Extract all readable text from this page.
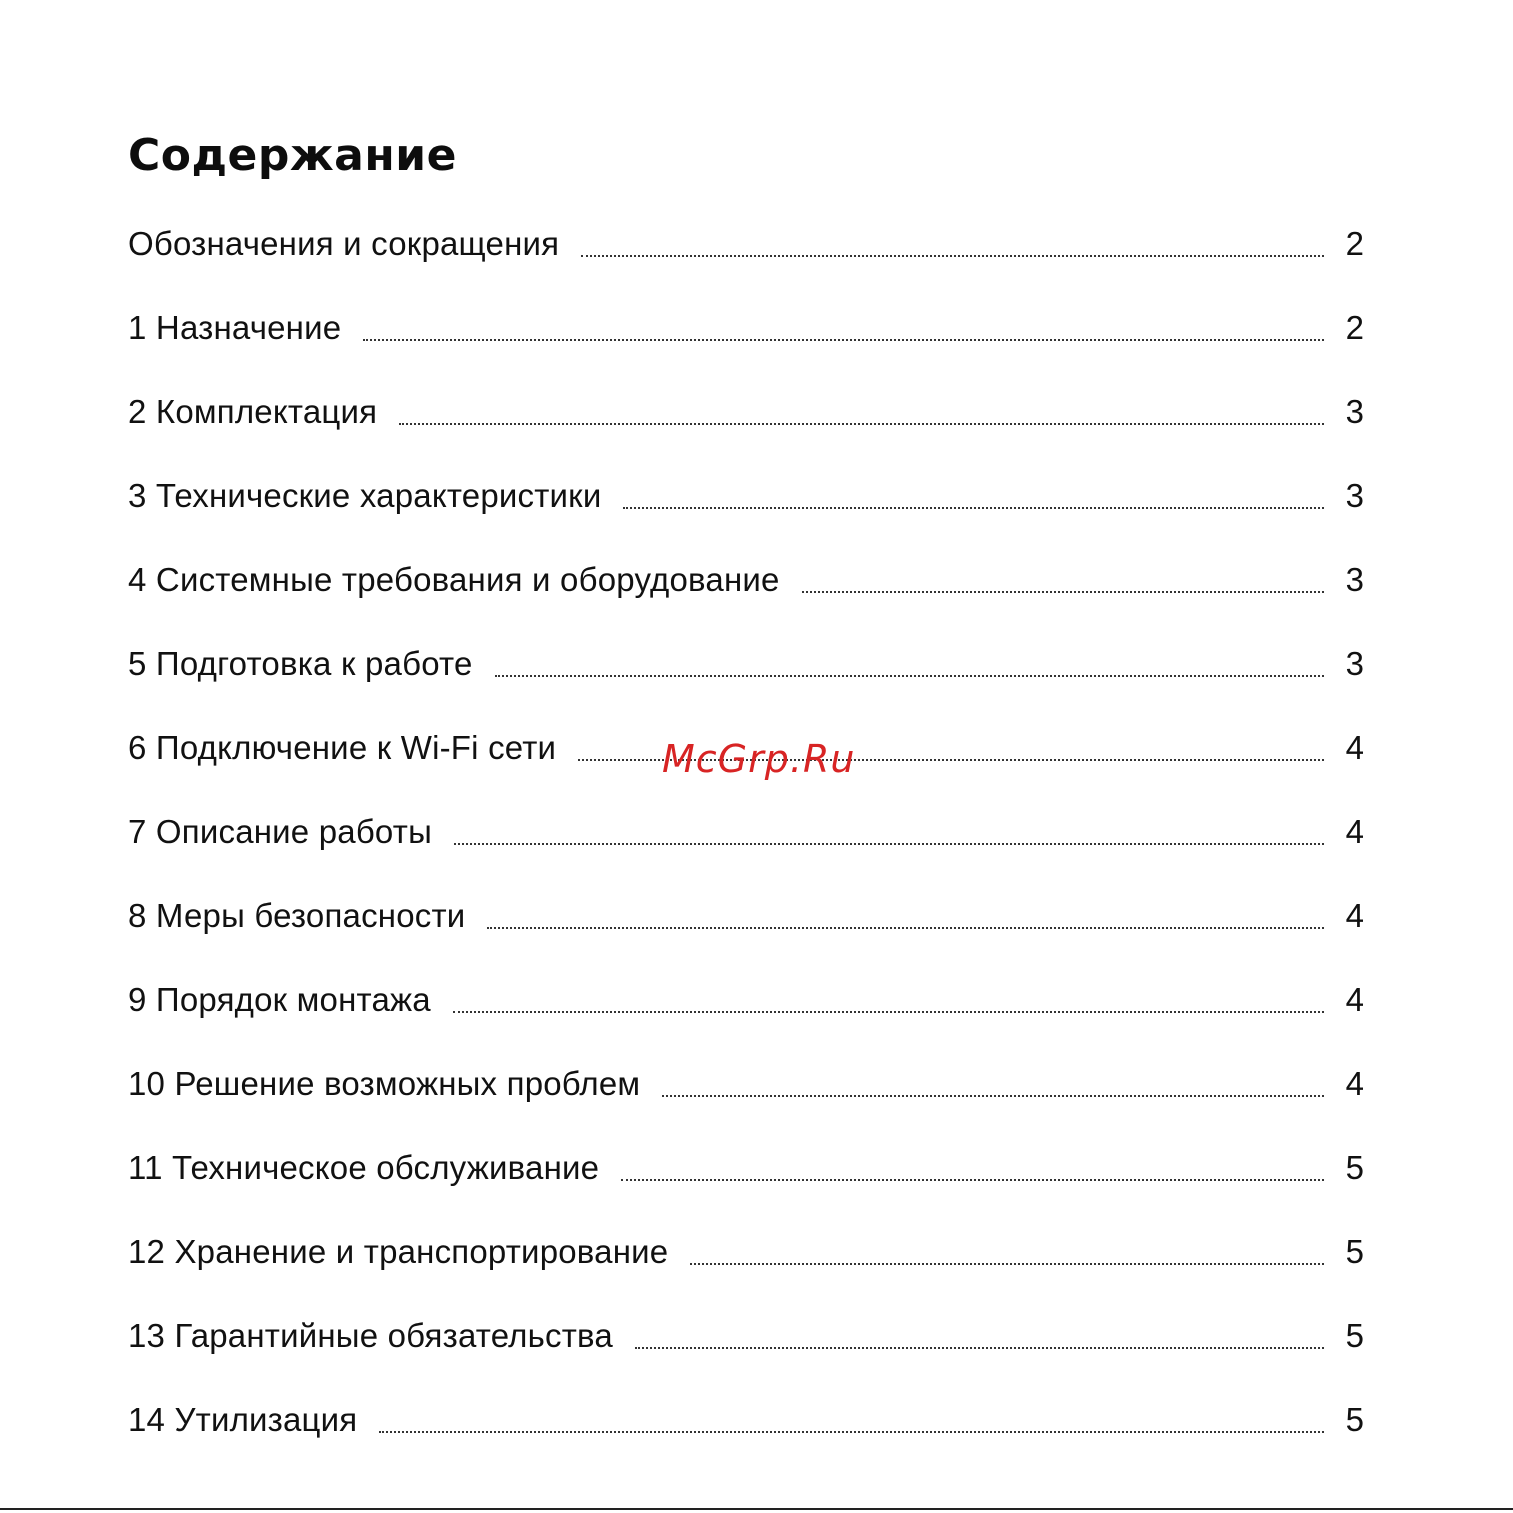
Содержание
Обозначения и сокращения	2
1 Назначение	2
2 Комплектация	3
3 Технические характеристики	3
4 Системные требования и оборудование	3
5 Подготовка к работе	3
6 Подключение к Wi-Fi сети	4
7 Описание работы	4
8 Меры безопасности	4
9 Порядок монтажа	4
10 Решение возможных проблем	4
11 Техническое обслуживание	5
12 Хранение и транспортирование	5
13 Гарантийные обязательства	5
14 Утилизация	5
McGrp.Ru
